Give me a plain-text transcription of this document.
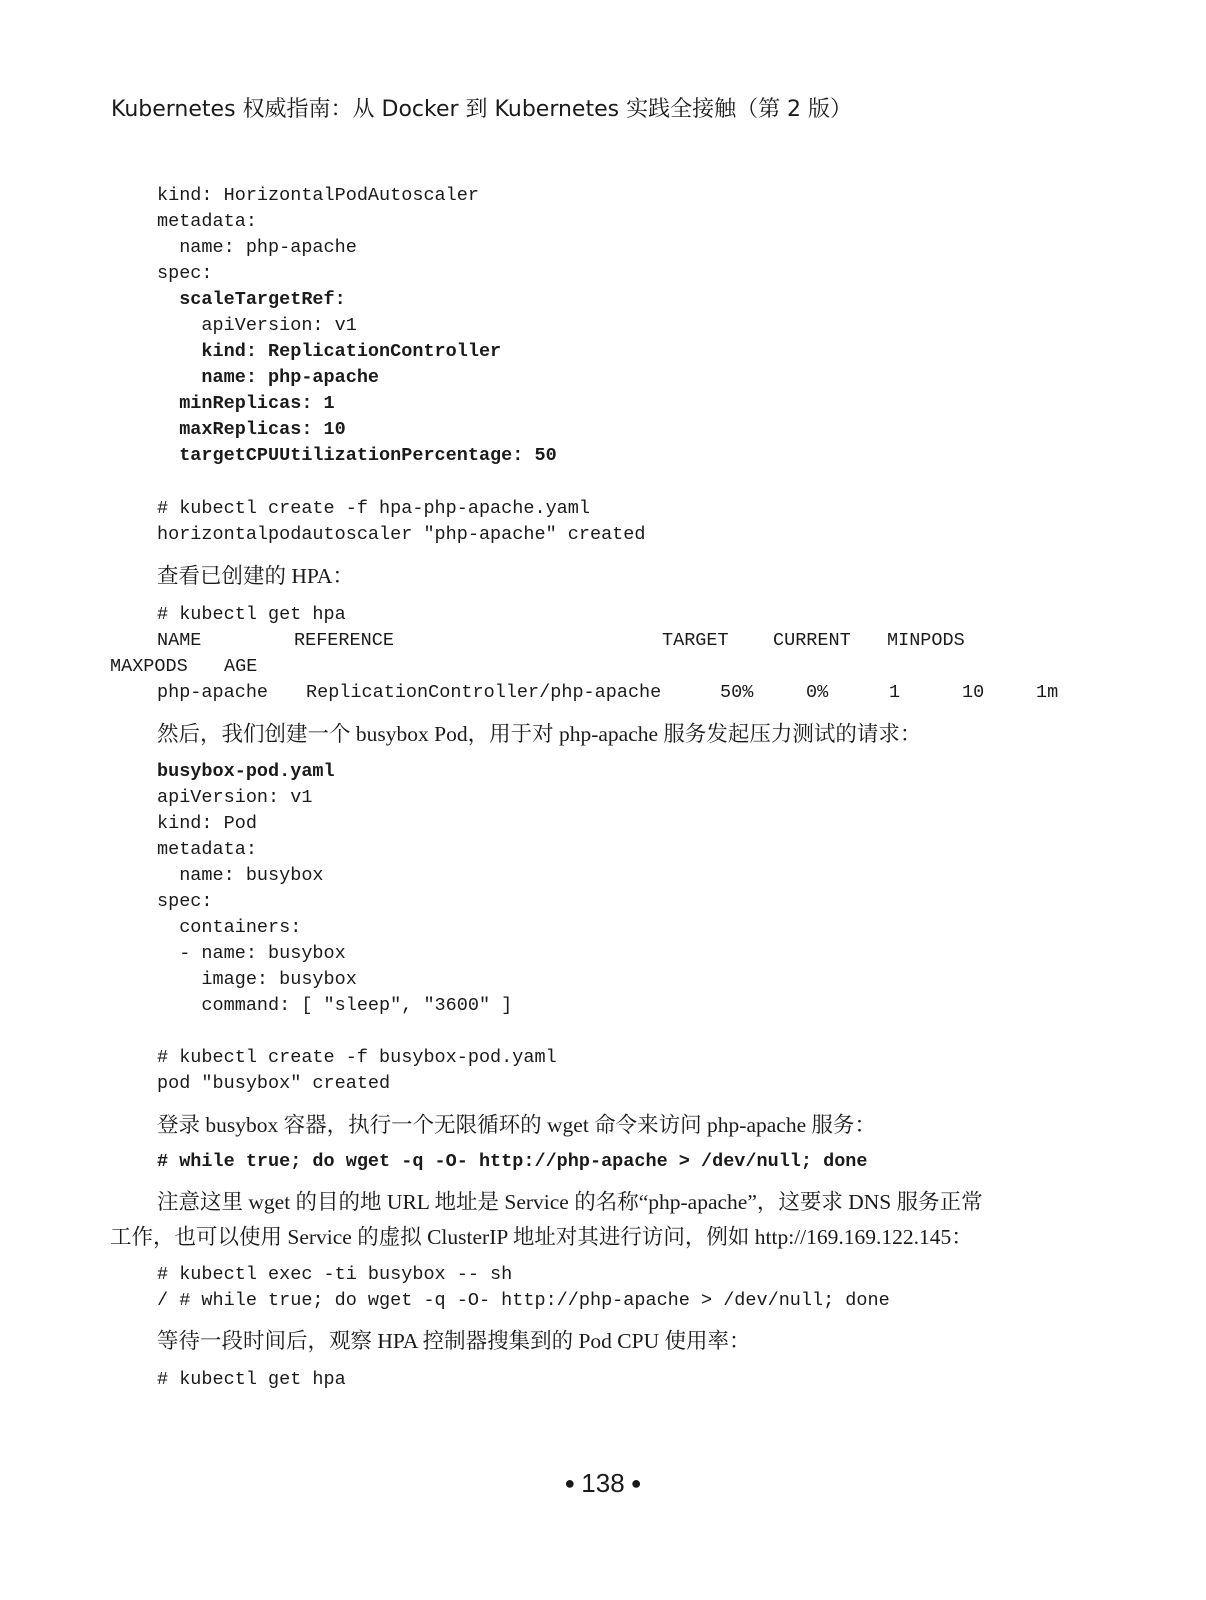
Kubernetes 权威指南：从 Docker 到 Kubernetes 实践全接触（第 2 版）
kind: HorizontalPodAutoscaler
metadata:
name: php-apache
spec:
scaleTargetRef:
apiVersion: v1
kind: ReplicationController
name: php-apache
minReplicas: 1
maxReplicas: 10
targetCPUUtilizationPercentage: 50
# kubectl create -f hpa-php-apache.yaml
horizontalpodautoscaler "php-apache" created
查看已创建的 HPA：
# kubectl get hpa
NAME	REFERENCE	TARGET CURRENT MINPODS
MAXPODS AGE
php-apache ReplicationController/php-apache	50%	0%	1	10	1m
然后，我们创建一个 busybox Pod，用于对 php-apache 服务发起压力测试的请求：
busybox-pod.yaml
apiVersion: v1
kind: Pod
metadata:
name: busybox
spec:
containers:
- name: busybox
image: busybox
command: [ "sleep", "3600" ]
# kubectl create -f busybox-pod.yaml
pod "busybox" created
登录 busybox 容器，执行一个无限循环的 wget 命令来访问 php-apache 服务：
# while true; do wget -q -O- http://php-apache > /dev/null; done
注意这里 wget 的目的地 URL 地址是 Service 的名称“php-apache”，这要求 DNS 服务正常
工作，也可以使用 Service 的虚拟 ClusterIP 地址对其进行访问，例如 http://169.169.122.145：
# kubectl exec -ti busybox -- sh
/ # while true; do wget -q -O- http://php-apache > /dev/null; done
等待一段时间后，观察 HPA 控制器搜集到的 Pod CPU 使用率：
# kubectl get hpa
● 138 ●
